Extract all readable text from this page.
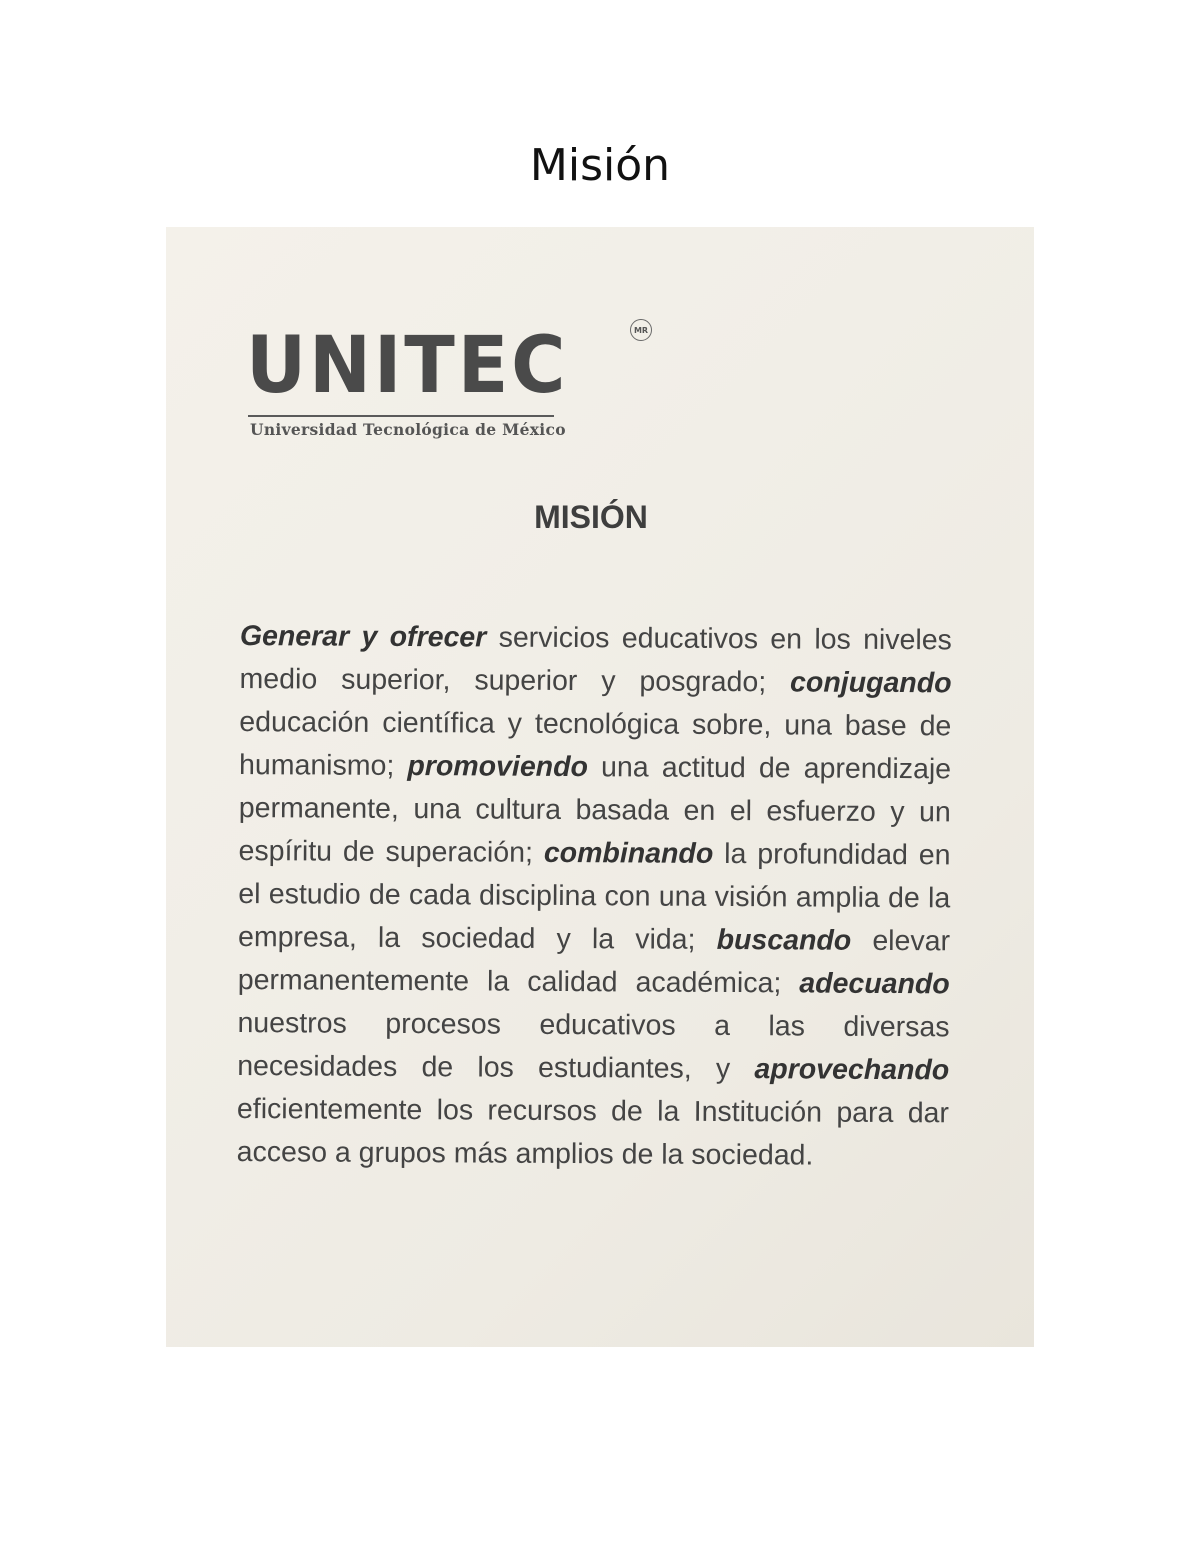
Misión
UNITEC	MR
Universidad Tecnológica de México
MISIÓN

Generar y ofrecer servicios educativos en los niveles medio superior, superior y posgrado; conjugando educación científica y tecnológica sobre, una base de humanismo; promoviendo una actitud de aprendizaje permanente, una cultura basada en el esfuerzo y un espíritu de superación; combinando la profundidad en el estudio de cada disciplina con una visión amplia de la empresa, la sociedad y la vida; buscando elevar permanentemente la calidad académica; adecuando nuestros procesos educativos a las diversas necesidades de los estudiantes, y aprovechando eficientemente los recursos de la Institución para dar acceso a grupos más amplios de la sociedad.
